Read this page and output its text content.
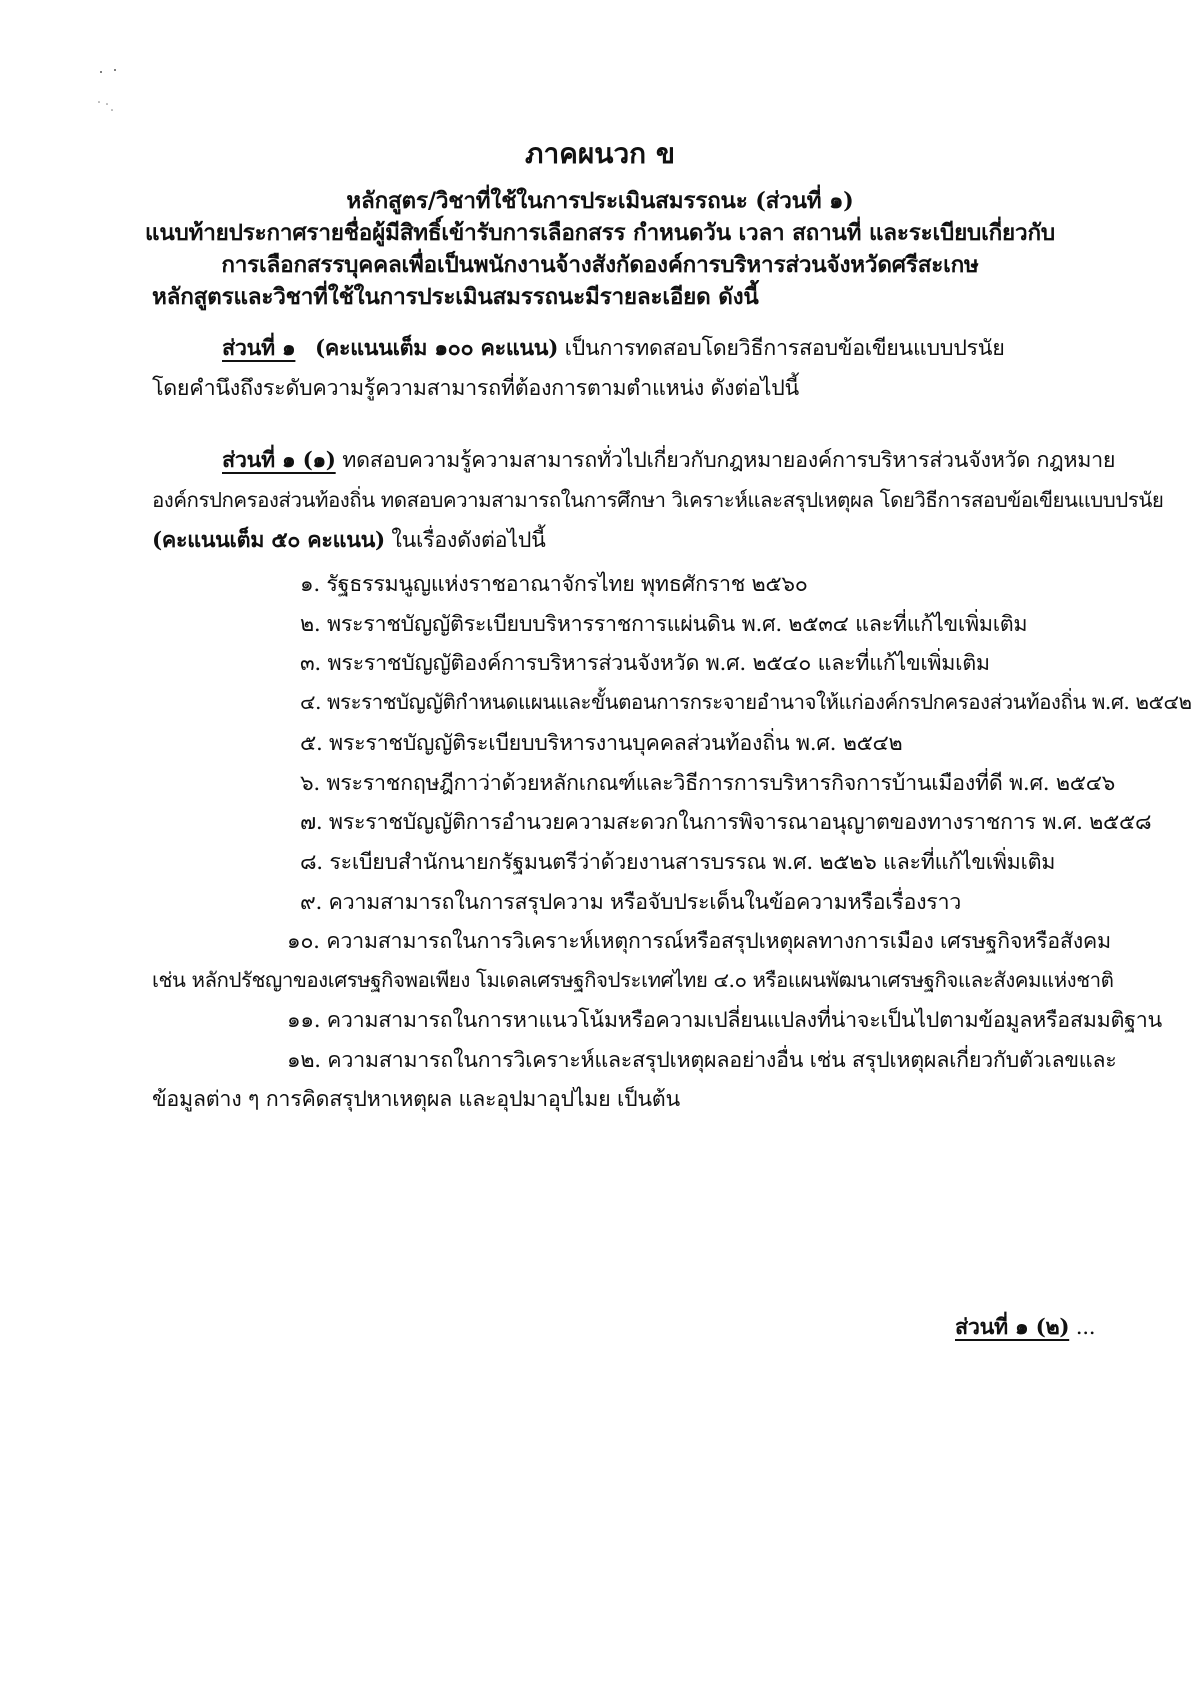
ภาคผนวก ข
หลักสูตร/วิชาที่ใช้ในการประเมินสมรรถนะ (ส่วนที่ ๑)
แนบท้ายประกาศรายชื่อผู้มีสิทธิ์เข้ารับการเลือกสรร กำหนดวัน เวลา สถานที่ และระเบียบเกี่ยวกับ
การเลือกสรรบุคคลเพื่อเป็นพนักงานจ้างสังกัดองค์การบริหารส่วนจังหวัดศรีสะเกษ
หลักสูตรและวิชาที่ใช้ในการประเมินสมรรถนะมีรายละเอียด ดังนี้
ส่วนที่ ๑ (คะแนนเต็ม ๑๐๐ คะแนน) เป็นการทดสอบโดยวิธีการสอบข้อเขียนแบบปรนัย
โดยคำนึงถึงระดับความรู้ความสามารถที่ต้องการตามตำแหน่ง ดังต่อไปนี้
ส่วนที่ ๑ (๑) ทดสอบความรู้ความสามารถทั่วไปเกี่ยวกับกฎหมายองค์การบริหารส่วนจังหวัด กฎหมาย
องค์กรปกครองส่วนท้องถิ่น ทดสอบความสามารถในการศึกษา วิเคราะห์และสรุปเหตุผล โดยวิธีการสอบข้อเขียนแบบปรนัย
(คะแนนเต็ม ๕๐ คะแนน) ในเรื่องดังต่อไปนี้
๑. รัฐธรรมนูญแห่งราชอาณาจักรไทย พุทธศักราช ๒๕๖๐
๒. พระราชบัญญัติระเบียบบริหารราชการแผ่นดิน พ.ศ. ๒๕๓๔ และที่แก้ไขเพิ่มเติม
๓. พระราชบัญญัติองค์การบริหารส่วนจังหวัด พ.ศ. ๒๕๔๐ และที่แก้ไขเพิ่มเติม
๔. พระราชบัญญัติกำหนดแผนและขั้นตอนการกระจายอำนาจให้แก่องค์กรปกครองส่วนท้องถิ่น พ.ศ. ๒๕๔๒
๕. พระราชบัญญัติระเบียบบริหารงานบุคคลส่วนท้องถิ่น พ.ศ. ๒๕๔๒
๖. พระราชกฤษฎีกาว่าด้วยหลักเกณฑ์และวิธีการการบริหารกิจการบ้านเมืองที่ดี พ.ศ. ๒๕๔๖
๗. พระราชบัญญัติการอำนวยความสะดวกในการพิจารณาอนุญาตของทางราชการ พ.ศ. ๒๕๕๘
๘. ระเบียบสำนักนายกรัฐมนตรีว่าด้วยงานสารบรรณ พ.ศ. ๒๕๒๖ และที่แก้ไขเพิ่มเติม
๙. ความสามารถในการสรุปความ หรือจับประเด็นในข้อความหรือเรื่องราว
๑๐. ความสามารถในการวิเคราะห์เหตุการณ์หรือสรุปเหตุผลทางการเมือง เศรษฐกิจหรือสังคม
เช่น หลักปรัชญาของเศรษฐกิจพอเพียง โมเดลเศรษฐกิจประเทศไทย ๔.๐ หรือแผนพัฒนาเศรษฐกิจและสังคมแห่งชาติ
๑๑. ความสามารถในการหาแนวโน้มหรือความเปลี่ยนแปลงที่น่าจะเป็นไปตามข้อมูลหรือสมมติฐาน
๑๒. ความสามารถในการวิเคราะห์และสรุปเหตุผลอย่างอื่น เช่น สรุปเหตุผลเกี่ยวกับตัวเลขและ
ข้อมูลต่าง ๆ การคิดสรุปหาเหตุผล และอุปมาอุปไมย เป็นต้น
ส่วนที่ ๑ (๒) ...
